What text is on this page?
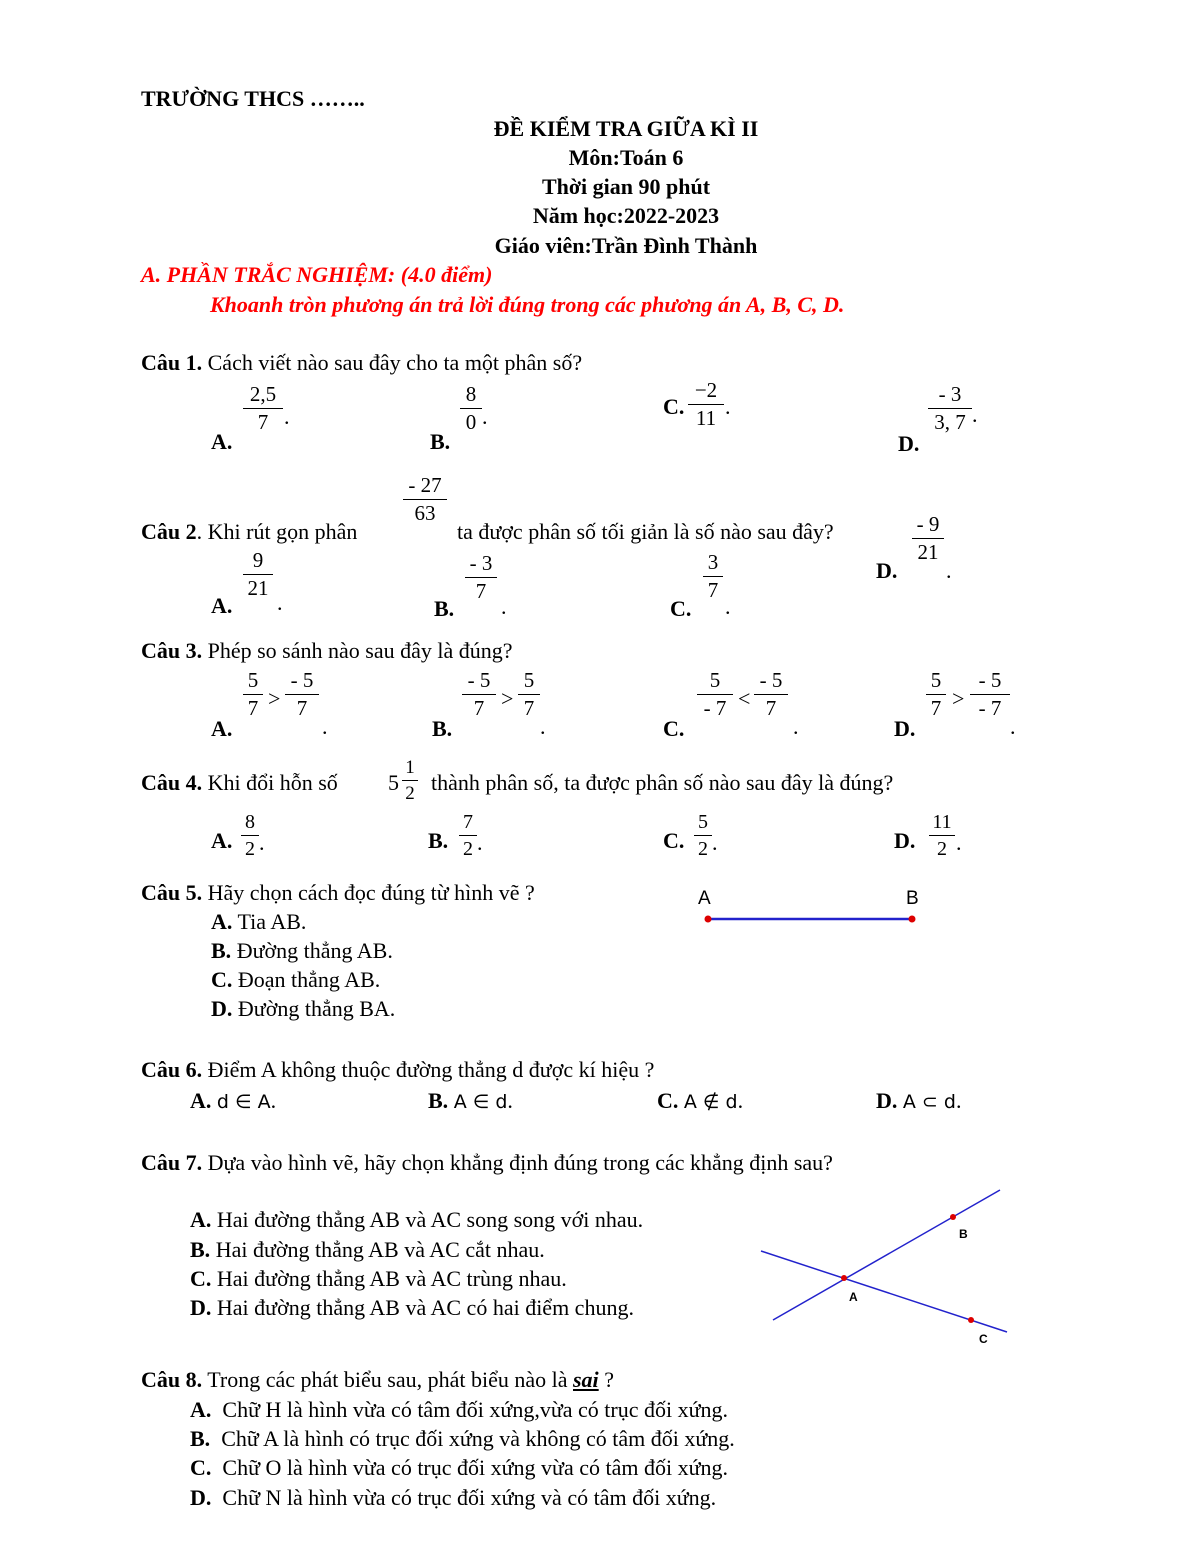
TRƯỜNG THCS ……..
ĐỀ KIỂM TRA GIỮA KÌ II
Môn:Toán 6
Thời gian 90 phút
Năm học:2022-2023
Giáo viên:Trần Đình Thành
A. PHẦN TRẮC NGHIỆM: (4.0 điểm)
Khoanh tròn phương án trả lời đúng trong các phương án A, B, C, D.
Câu 1. Cách viết nào sau đây cho ta một phân số?
A.
2,5
7 .
B.
8
0 .	C.
−2
11 .
D.
- 3
3, 7 .
Câu 2. Khi rút gọn phân
- 27
63
ta được phân số tối giản là số nào sau đây?	- 9
21
.
D.
A.
9
21
.	B.
- 3
7
.	C.
3
7
.
Câu 3. Phép so sánh nào sau đây là đúng?
A.
5
7 >
- 5
7
.	B.
- 5
7 >
5
7
.	C.
5
- 7 <
- 5
7
.	D.
5
7 >
- 5
- 7
.
Câu 4. Khi đổi hỗn số 5
1
2 thành phân số, ta được phân số nào sau đây là đúng?
A.
8
2 .	B.
7
2 .	C.
5
2 .	D.
11
2 .
Câu 5. Hãy chọn cách đọc đúng từ hình vẽ ?
A. Tia AB.
B. Đường thẳng AB.
C. Đoạn thẳng AB.
D. Đường thẳng BA.
A	B
Câu 6. Điểm A không thuộc đường thẳng d được kí hiệu ?
A. d ∈ A.	B. A ∈ d.	C. A ∉ d.	D. A ⊂ d.
Câu 7. Dựa vào hình vẽ, hãy chọn khẳng định đúng trong các khẳng định sau?
A. Hai đường thẳng AB và AC song song với nhau.
B. Hai đường thẳng AB và AC cắt nhau.
C. Hai đường thẳng AB và AC trùng nhau.
D. Hai đường thẳng AB và AC có hai điểm chung.	A
B
C
Câu 8. Trong các phát biểu sau, phát biểu nào là sai ?
A. Chữ H là hình vừa có tâm đối xứng,vừa có trục đối xứng.
B. Chữ A là hình có trục đối xứng và không có tâm đối xứng.
C. Chữ O là hình vừa có trục đối xứng vừa có tâm đối xứng.
D. Chữ N là hình vừa có trục đối xứng và có tâm đối xứng.
